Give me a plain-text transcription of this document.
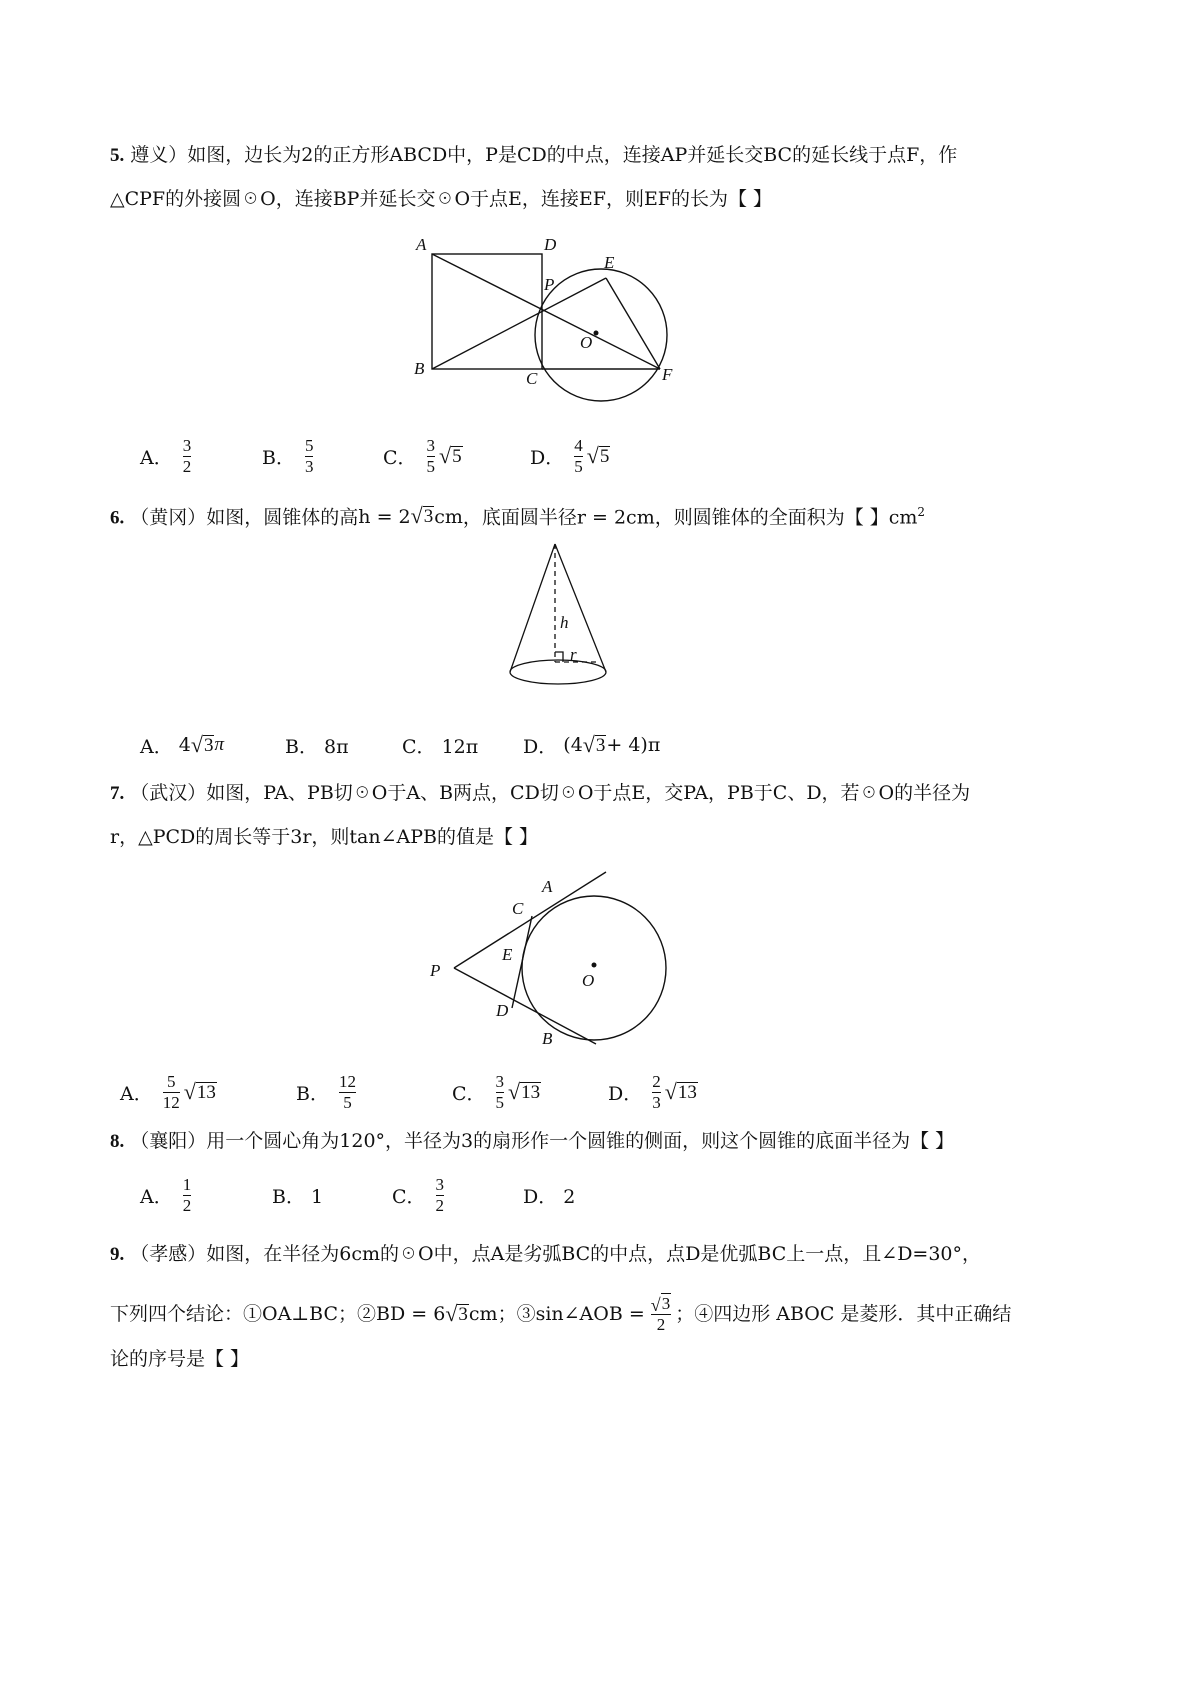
5. 遵义）如图，边长为2的正方形ABCD中，P是CD的中点，连接AP并延长交BC的延长线于点F，作
△CPF的外接圆☉O，连接BP并延长交☉O于点E，连接EF，则EF的长为【 】
A	D
B
C
P
E
F
O
A． $\frac{3}{2}$	B． $\frac{5}{3}$	C． $\frac{3}{5}$ √ 5	D． $\frac{4}{5}$ √ 5
6. （黄冈）如图，圆锥体的高h = 2 √ 3 cm，底面圆半径r = 2cm，则圆锥体的全面积为【 】$cm^2$
h
r
A．
4 √ 3 π	B． 8π	C． 12π D．
(4 √ 3 + 4)π
7. （武汉）如图，PA、PB切☉O于A、B两点，CD切☉O于点E，交PA，PB于C、D，若☉O的半径为
r，△PCD的周长等于3r，则tan∠APB的值是【 】
P
A
C
E
D
B
O
A． $\frac{5}{12}$ √ 13	B． $\frac{12}{5}$	C． $\frac{3}{5}$ √ 13	D． $\frac{2}{3}$ √ 13
8. （襄阳）用一个圆心角为120°，半径为3的扇形作一个圆锥的侧面，则这个圆锥的底面半径为【 】
A． $\frac{1}{2}$	B． 1	C． $\frac{3}{2}$	D． 2
9. （孝感）如图，在半径为6cm的☉O中，点A是劣弧BC的中点，点D是优弧BC上一点，且∠D=30°，
下列四个结论：①OA⊥BC；② BD = 6 √ 3 cm；③ sin∠AOB = $\frac{√ 3}{2}$ ；④四边形 ABOC 是菱形．其中正确结
论的序号是【 】
